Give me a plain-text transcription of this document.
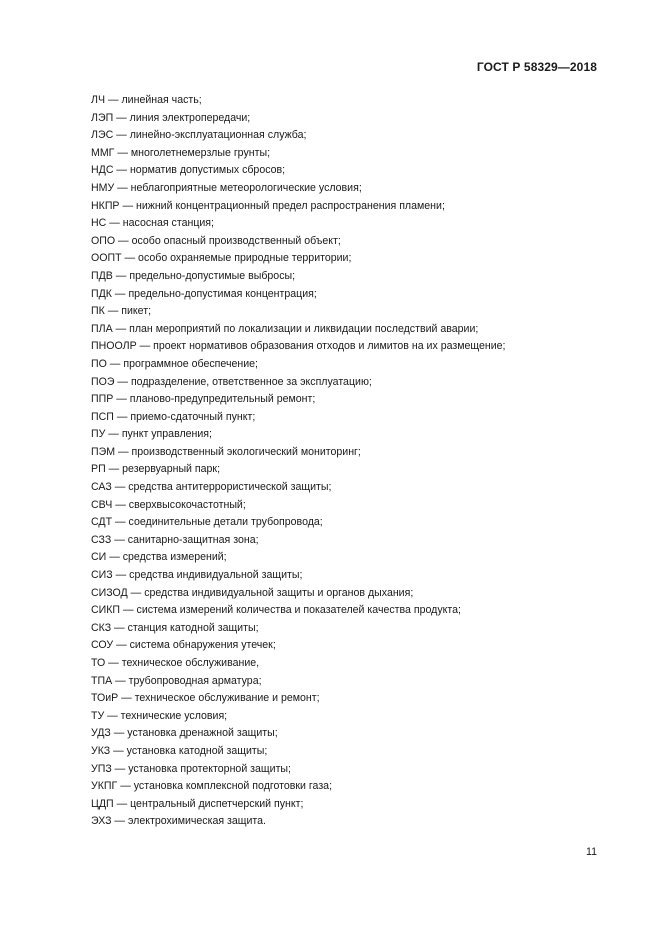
ГОСТ Р 58329—2018
ЛЧ — линейная часть;
ЛЭП — линия электропередачи;
ЛЭС — линейно-эксплуатационная служба;
ММГ — многолетнемерзлые грунты;
НДС — норматив допустимых сбросов;
НМУ — неблагоприятные метеорологические условия;
НКПР — нижний концентрационный предел распространения пламени;
НС — насосная станция;
ОПО — особо опасный производственный объект;
ООПТ — особо охраняемые природные территории;
ПДВ — предельно-допустимые выбросы;
ПДК — предельно-допустимая концентрация;
ПК — пикет;
ПЛА — план мероприятий по локализации и ликвидации последствий аварии;
ПНООЛР — проект нормативов образования отходов и лимитов на их размещение;
ПО — программное обеспечение;
ПОЭ — подразделение, ответственное за эксплуатацию;
ППР — планово-предупредительный ремонт;
ПСП — приемо-сдаточный пункт;
ПУ — пункт управления;
ПЭМ — производственный экологический мониторинг;
РП — резервуарный парк;
САЗ — средства антитеррористической защиты;
СВЧ — сверхвысокочастотный;
СДТ — соединительные детали трубопровода;
СЗЗ — санитарно-защитная зона;
СИ — средства измерений;
СИЗ — средства индивидуальной защиты;
СИЗОД — средства индивидуальной защиты и органов дыхания;
СИКП — система измерений количества и показателей качества продукта;
СКЗ — станция катодной защиты;
СОУ — система обнаружения утечек;
ТО — техническое обслуживание,
ТПА — трубопроводная арматура;
ТОиР — техническое обслуживание и ремонт;
ТУ — технические условия;
УДЗ — установка дренажной защиты;
УКЗ — установка катодной защиты;
УПЗ — установка протекторной защиты;
УКПГ — установка комплексной подготовки газа;
ЦДП — центральный диспетчерский пункт;
ЭХЗ — электрохимическая защита.
11
